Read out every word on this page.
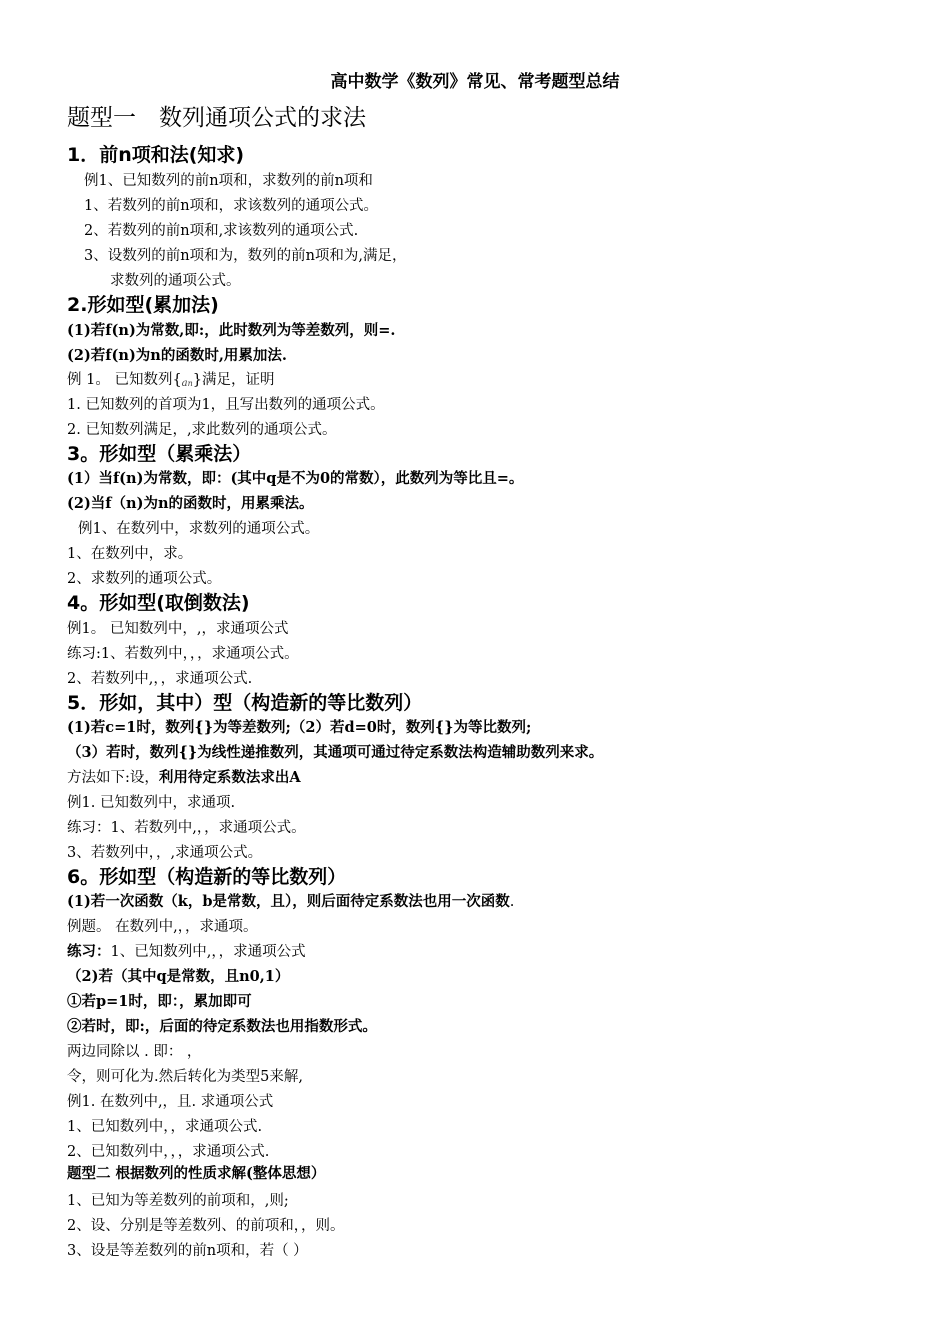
高中数学《数列》常见、常考题型总结
题型一　数列通项公式的求法
1．前n项和法(知求)
例1、已知数列的前n项和，求数列的前n项和
1、若数列的前n项和，求该数列的通项公式。
2、若数列的前n项和,求该数列的通项公式.
3、设数列的前n项和为，数列的前n项和为,满足，
求数列的通项公式。
2.形如型(累加法)
(1)若f(n)为常数,即:，此时数列为等差数列，则=.
(2)若f(n)为n的函数时,用累加法.
例 1。 已知数列$\{_{an}\}$满足，证明
1. 已知数列的首项为1，且写出数列的通项公式。
2. 已知数列满足，,求此数列的通项公式。
3。形如型（累乘法）
(1）当f(n)为常数，即：(其中q是不为0的常数），此数列为等比且=。
(2)当f（n)为n的函数时，用累乘法。
例1、在数列中，求数列的通项公式。
1、在数列中，求。
2、求数列的通项公式。
4。形如型(取倒数法)
例1。 已知数列中，,，求通项公式
练习:1、若数列中，，，求通项公式。
2、若数列中,，，求通项公式.
5．形如，其中）型（构造新的等比数列）
(1)若c=1时，数列{}为等差数列;（2）若d=0时，数列{}为等比数列;
（3）若时，数列{}为线性递推数列，其通项可通过待定系数法构造辅助数列来求。
方法如下:设，利用待定系数法求出A
例1. 已知数列中，求通项.
练习：1、若数列中,，，求通项公式。
3、若数列中，，,求通项公式。
6。形如型（构造新的等比数列）
(1)若一次函数（k，b是常数，且），则后面待定系数法也用一次函数.
例题。 在数列中,，，求通项。
练习：1、已知数列中,，，求通项公式
（2)若（其中q是常数，且n0,1）
①若p=1时，即：，累加即可
②若时，即:，后面的待定系数法也用指数形式。
两边同除以 . 即： ，
令，则可化为.然后转化为类型5来解,
例1. 在数列中,，且. 求通项公式
1、已知数列中，，求通项公式.
2、已知数列中，，，求通项公式.
题型二 根据数列的性质求解(整体思想）
1、已知为等差数列的前项和，,则;
2、设、分别是等差数列、的前项和，，则。
3、设是等差数列的前n项和，若（ ）
